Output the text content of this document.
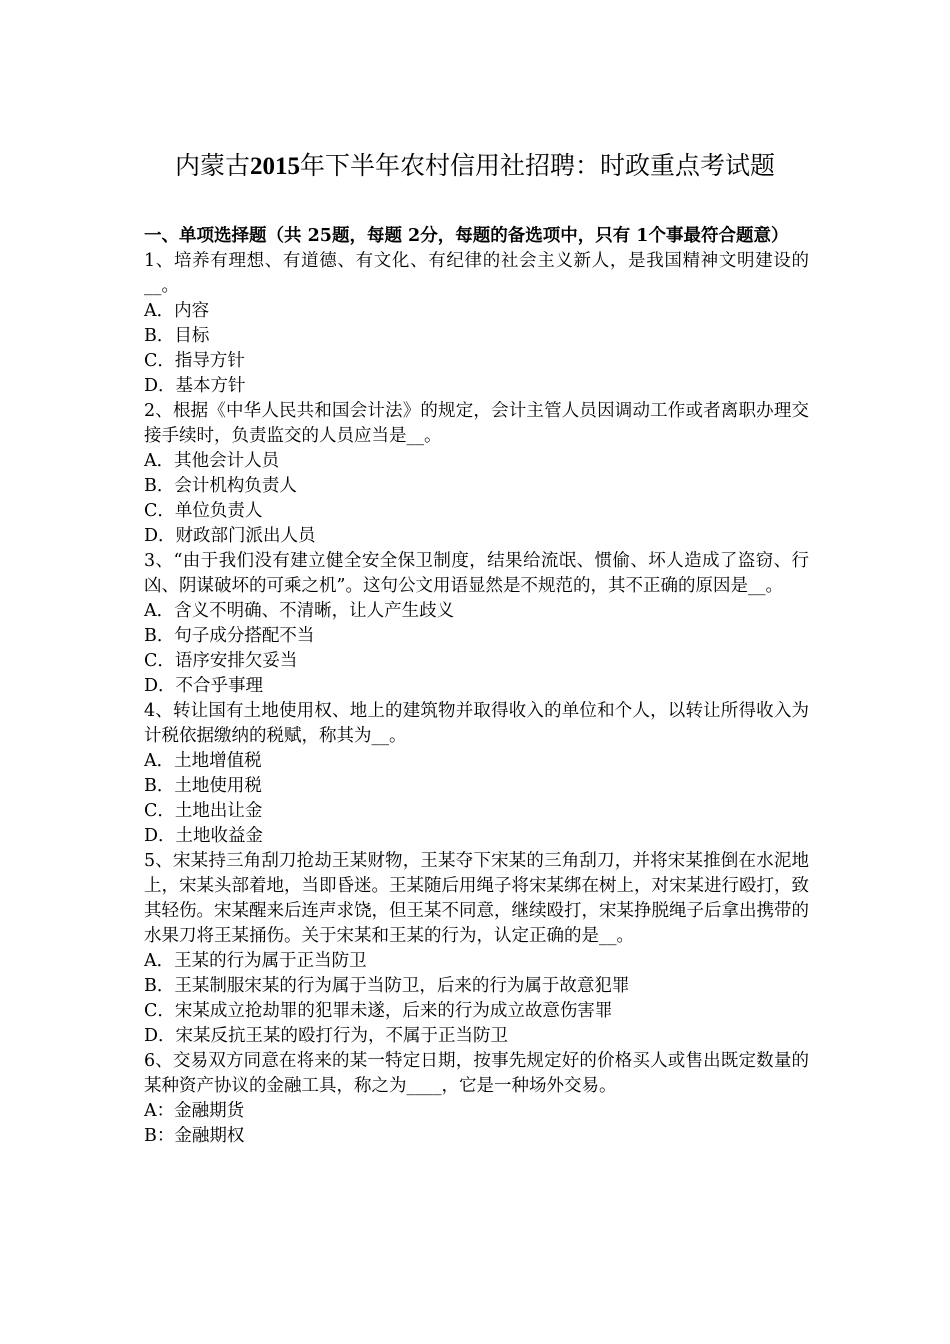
内蒙古2015年下半年农村信用社招聘：时政重点考试题

一、单项选择题（共 25题，每题 2分，每题的备选项中，只有 1个事最符合题意）

1、培养有理想、有道德、有文化、有纪律的社会主义新人，是我国精神文明建设的__。

A．内容

B．目标

C．指导方针

D．基本方针

2、根据《中华人民共和国会计法》的规定，会计主管人员因调动工作或者离职办理交接手续时，负责监交的人员应当是__。

A．其他会计人员

B．会计机构负责人

C．单位负责人

D．财政部门派出人员

3、“由于我们没有建立健全安全保卫制度，结果给流氓、惯偷、坏人造成了盗窃、行凶、阴谋破坏的可乘之机”。这句公文用语显然是不规范的，其不正确的原因是__。

A．含义不明确、不清晰，让人产生歧义

B．句子成分搭配不当

C．语序安排欠妥当

D．不合乎事理

4、转让国有土地使用权、地上的建筑物并取得收入的单位和个人，以转让所得收入为计税依据缴纳的税赋，称其为__。

A．土地增值税

B．土地使用税

C．土地出让金

D．土地收益金

5、宋某持三角刮刀抢劫王某财物，王某夺下宋某的三角刮刀，并将宋某推倒在水泥地上，宋某头部着地，当即昏迷。王某随后用绳子将宋某绑在树上，对宋某进行殴打，致其轻伤。宋某醒来后连声求饶，但王某不同意，继续殴打，宋某挣脱绳子后拿出携带的水果刀将王某捅伤。关于宋某和王某的行为，认定正确的是__。

A．王某的行为属于正当防卫

B．王某制服宋某的行为属于当防卫，后来的行为属于故意犯罪

C．宋某成立抢劫罪的犯罪未遂，后来的行为成立故意伤害罪

D．宋某反抗王某的殴打行为，不属于正当防卫

6、交易双方同意在将来的某一特定日期，按事先规定好的价格买人或售出既定数量的某种资产协议的金融工具，称之为____，它是一种场外交易。

A：金融期货

B：金融期权
